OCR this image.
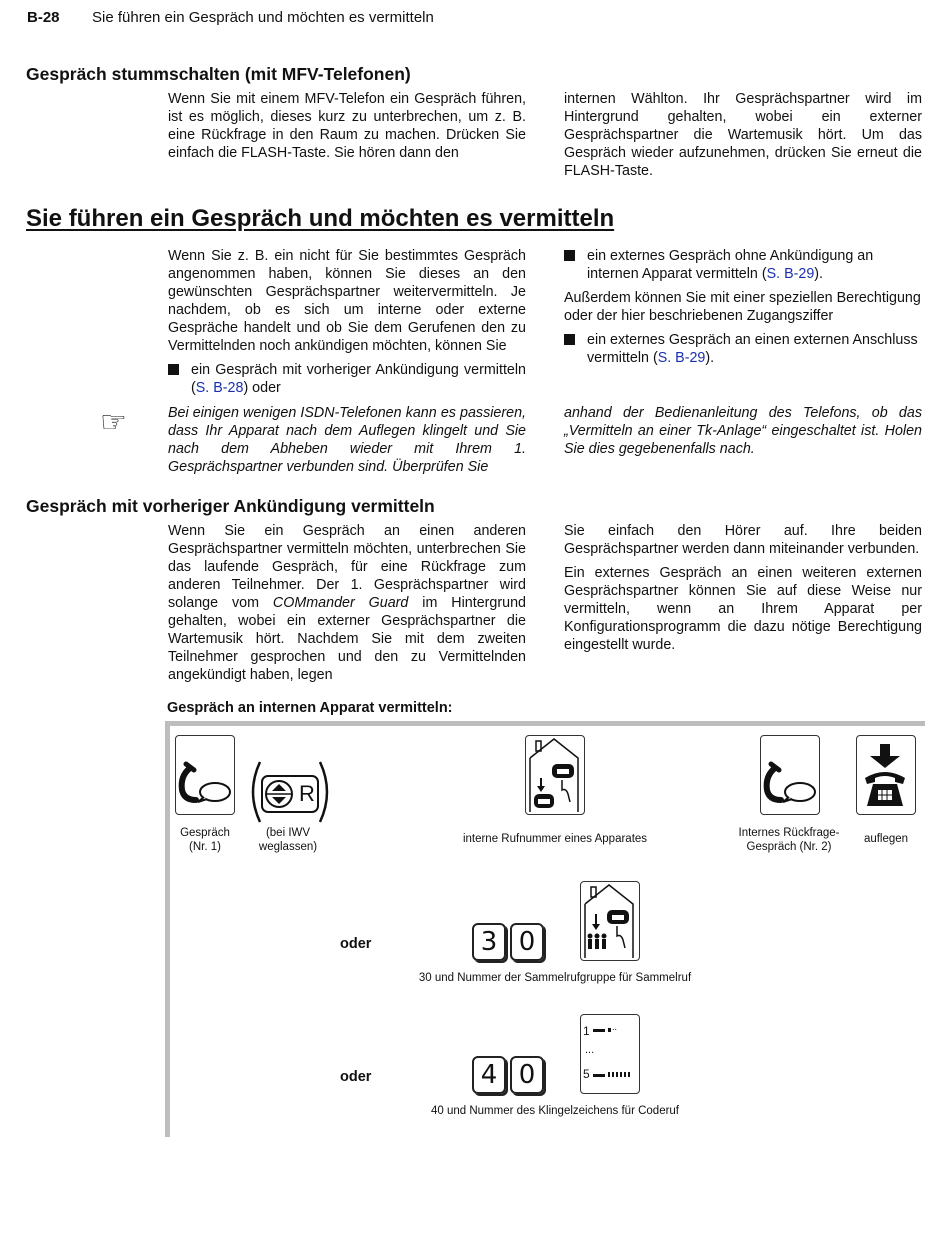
B-28 Sie führen ein Gespräch und möchten es vermitteln
Gespräch stummschalten (mit MFV-Telefonen)

Wenn Sie mit einem MFV-Telefon ein Gespräch führen, ist es möglich, dieses kurz zu unterbrechen, um z. B. eine Rückfrage in den Raum zu machen. Drücken Sie einfach die FLASH-Taste. Sie hören dann den

internen Wählton. Ihr Gesprächspartner wird im Hintergrund gehalten, wobei ein externer Gesprächspartner die Wartemusik hört. Um das Gespräch wieder aufzunehmen, drücken Sie erneut die FLASH-Taste.

Sie führen ein Gespräch und möchten es vermitteln

Wenn Sie z. B. ein nicht für Sie bestimmtes Gespräch angenommen haben, können Sie dieses an den gewünschten Gesprächspartner weitervermitteln. Je nachdem, ob es sich um interne oder externe Gespräche handelt und ob Sie dem Gerufenen den zu Vermittelnden noch ankündigen möchten, können Sie

ein Gespräch mit vorheriger Ankündigung vermitteln (S. B-28) oder
ein externes Gespräch ohne Ankündigung an internen Apparat vermitteln (S. B-29).

Außerdem können Sie mit einer speziellen Berechtigung oder der hier beschriebenen Zugangsziffer

ein externes Gespräch an einen externen Anschluss vermitteln (S. B-29).
☞	Bei einigen wenigen ISDN-Telefonen kann es passieren, dass Ihr Apparat nach dem Auflegen klingelt und Sie nach dem Abheben wieder mit Ihrem 1. Gesprächspartner verbunden sind. Überprüfen Sie

anhand der Bedienanleitung des Telefons, ob das „Vermitteln an einer Tk-Anlage“ eingeschaltet ist. Holen Sie dies gegebenenfalls nach.

Gespräch mit vorheriger Ankündigung vermitteln

Wenn Sie ein Gespräch an einen anderen Gesprächspartner vermitteln möchten, unterbrechen Sie das laufende Gespräch, für eine Rückfrage zum anderen Teilnehmer. Der 1. Gesprächspartner wird solange vom COMmander Guard im Hintergrund gehalten, wobei ein externer Gesprächspartner die Wartemusik hört. Nachdem Sie mit dem zweiten Teilnehmer gesprochen und den zu Vermittelnden angekündigt haben, legen

Sie einfach den Hörer auf. Ihre beiden Gesprächspartner werden dann miteinander verbunden.

Ein externes Gespräch an einen weiteren externen Gesprächspartner können Sie auf diese Weise nur vermitteln, wenn an Ihrem Apparat per Konfigurationsprogramm die dazu nötige Berechtigung eingestellt wurde.

Gespräch an internen Apparat vermitteln:
Gespräch (Nr. 1)
R
(bei IWV weglassen)
interne Rufnummer eines Apparates	Internes Rückfrage-Gespräch (Nr. 2)
auflegen
oder	3 0
30 und Nummer der Sammelrufgruppe für Sammelruf
oder	4 0
1 ..
...
5
40 und Nummer des Klingelzeichens für Coderuf
